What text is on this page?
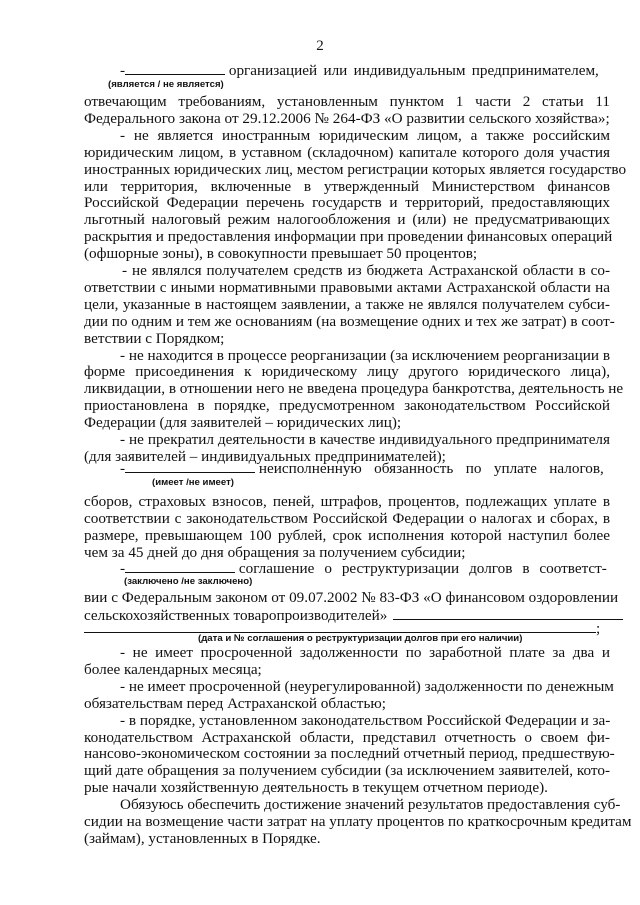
2
-	организацией или индивидуальным предпринимателем,
(является / не является)
отвечающим требованиям, установленным пунктом 1 части 2 статьи 11
Федерального закона от 29.12.2006 № 264-ФЗ «О развитии сельского хозяйства»;
- не является иностранным юридическим лицом, а также российским
юридическим лицом, в уставном (складочном) капитале которого доля участия
иностранных юридических лиц, местом регистрации которых является государство
или территория, включенные в утвержденный Министерством финансов
Российской Федерации перечень государств и территорий, предоставляющих
льготный налоговый режим налогообложения и (или) не предусматривающих
раскрытия и предоставления информации при проведении финансовых операций
(офшорные зоны), в совокупности превышает 50 процентов;
- не являлся получателем средств из бюджета Астраханской области в со-
ответствии с иными нормативными правовыми актами Астраханской области на
цели, указанные в настоящем заявлении, а также не являлся получателем субси-
дии по одним и тем же основаниям (на возмещение одних и тех же затрат) в соот-
ветствии с Порядком;
- не находится в процессе реорганизации (за исключением реорганизации в
форме присоединения к юридическому лицу другого юридического лица),
ликвидации, в отношении него не введена процедура банкротства, деятельность не
приостановлена в порядке, предусмотренном законодательством Российской
Федерации (для заявителей – юридических лиц);
- не прекратил деятельности в качестве индивидуального предпринимателя
(для заявителей – индивидуальных предпринимателей);
-	неисполненную обязанность по уплате налогов,
(имеет /не имеет)
сборов, страховых взносов, пеней, штрафов, процентов, подлежащих уплате в
соответствии с законодательством Российской Федерации о налогах и сборах, в
размере, превышающем 100 рублей, срок исполнения которой наступил более
чем за 45 дней до дня обращения за получением субсидии;
-	соглашение о реструктуризации долгов в соответст-
(заключено /не заключено)
вии с Федеральным законом от 09.07.2002 № 83-ФЗ «О финансовом оздоровлении
сельскохозяйственных товаропроизводителей»
;
(дата и № соглашения о реструктуризации долгов при его наличии)
- не имеет просроченной задолженности по заработной плате за два и
более календарных месяца;
- не имеет просроченной (неурегулированной) задолженности по денежным
обязательствам перед Астраханской областью;
- в порядке, установленном законодательством Российской Федерации и за-
конодательством Астраханской области, представил отчетность о своем фи-
нансово-экономическом состоянии за последний отчетный период, предшествую-
щий дате обращения за получением субсидии (за исключением заявителей, кото-
рые начали хозяйственную деятельность в текущем отчетном периоде).
Обязуюсь обеспечить достижение значений результатов предоставления суб-
сидии на возмещение части затрат на уплату процентов по краткосрочным кредитам
(займам), установленных в Порядке.
